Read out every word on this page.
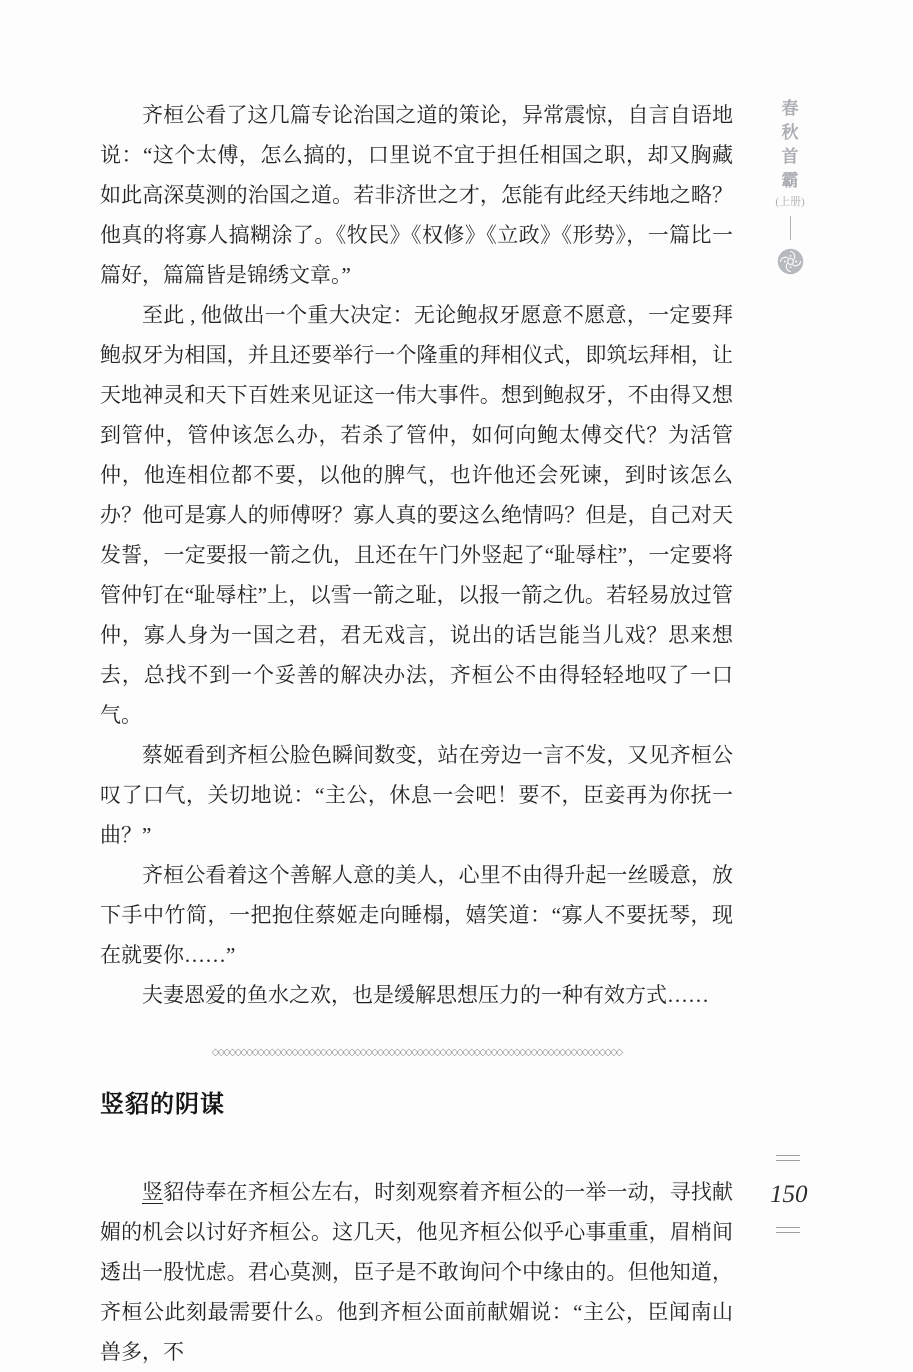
齐桓公看了这几篇专论治国之道的策论，异常震惊，自言自语地说：“这个太傅，怎么搞的，口里说不宜于担任相国之职，却又胸藏如此高深莫测的治国之道。若非济世之才，怎能有此经天纬地之略？他真的将寡人搞糊涂了。《牧民》《权修》《立政》《形势》，一篇比一篇好，篇篇皆是锦绣文章。”

至此 , 他做出一个重大决定：无论鲍叔牙愿意不愿意，一定要拜鲍叔牙为相国，并且还要举行一个隆重的拜相仪式，即筑坛拜相，让天地神灵和天下百姓来见证这一伟大事件。想到鲍叔牙，不由得又想到管仲，管仲该怎么办，若杀了管仲，如何向鲍太傅交代？为活管仲，他连相位都不要，以他的脾气，也许他还会死谏，到时该怎么办？他可是寡人的师傅呀？寡人真的要这么绝情吗？但是，自己对天发誓，一定要报一箭之仇，且还在午门外竖起了“耻辱柱”，一定要将管仲钉在“耻辱柱”上，以雪一箭之耻，以报一箭之仇。若轻易放过管仲，寡人身为一国之君，君无戏言，说出的话岂能当儿戏？思来想去，总找不到一个妥善的解决办法，齐桓公不由得轻轻地叹了一口气。

蔡姬看到齐桓公脸色瞬间数变，站在旁边一言不发，又见齐桓公叹了口气，关切地说：“主公，休息一会吧！要不，臣妾再为你抚一曲？”

齐桓公看着这个善解人意的美人，心里不由得升起一丝暖意，放下手中竹简，一把抱住蔡姬走向睡榻，嬉笑道：“寡人不要抚琴，现在就要你……”

夫妻恩爱的鱼水之欢，也是缓解思想压力的一种有效方式……

◇◇◇◇◇◇◇◇◇◇◇◇◇◇◇◇◇◇◇◇◇◇◇◇◇◇◇◇◇◇◇◇◇◇◇◇◇◇◇◇◇◇◇◇◇◇◇◇◇◇◇◇◇◇◇◇◇◇◇◇◇◇◇◇◇◇◇◇◇◇◇◇
竖貂的阴谋

竖貂侍奉在齐桓公左右，时刻观察着齐桓公的一举一动，寻找献媚的机会以讨好齐桓公。这几天，他见齐桓公似乎心事重重，眉梢间透出一股忧虑。君心莫测，臣子是不敢询问个中缘由的。但他知道，齐桓公此刻最需要什么。他到齐桓公面前献媚说：“主公，臣闻南山兽多，不

春
秋
首
霸
(上册)
150
